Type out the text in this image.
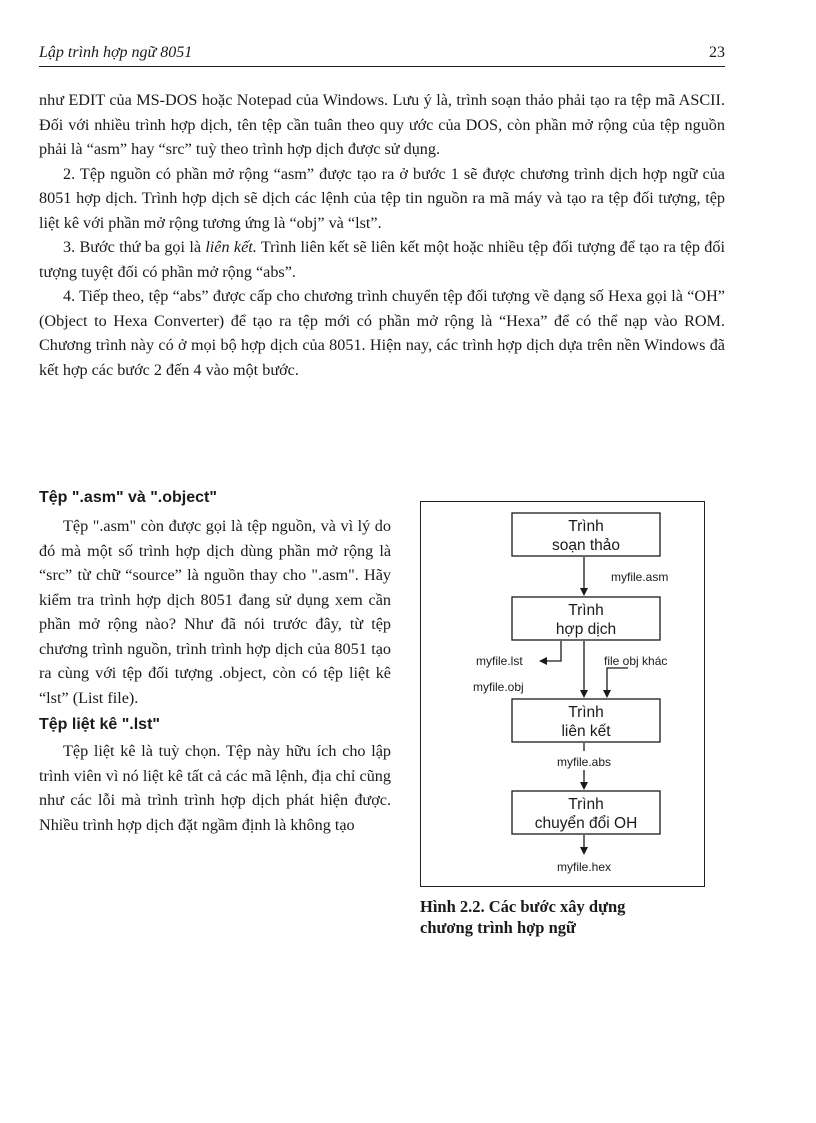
Lập trình hợp ngữ 8051	23

như EDIT của MS-DOS hoặc Notepad của Windows. Lưu ý là, trình soạn thảo phải tạo ra tệp mã ASCII. Đối với nhiều trình hợp dịch, tên tệp cần tuân theo quy ước của DOS, còn phần mở rộng của tệp nguồn phải là “asm” hay “src” tuỳ theo trình hợp dịch được sử dụng.

2. Tệp nguồn có phần mở rộng “asm” được tạo ra ở bước 1 sẽ được chương trình dịch hợp ngữ của 8051 hợp dịch. Trình hợp dịch sẽ dịch các lệnh của tệp tin nguồn ra mã máy và tạo ra tệp đối tượng, tệp liệt kê với phần mở rộng tương ứng là “obj” và “lst”.

3. Bước thứ ba gọi là liên kết. Trình liên kết sẽ liên kết một hoặc nhiều tệp đối tượng để tạo ra tệp đối tượng tuyệt đối có phần mở rộng “abs”.

4. Tiếp theo, tệp “abs” được cấp cho chương trình chuyển tệp đối tượng về dạng số Hexa gọi là “OH” (Object to Hexa Converter) để tạo ra tệp mới có phần mở rộng là “Hexa” để có thể nạp vào ROM. Chương trình này có ở mọi bộ hợp dịch của 8051. Hiện nay, các trình hợp dịch dựa trên nền Windows đã kết hợp các bước 2 đến 4 vào một bước.

Tệp ".asm" và ".object"

Tệp ".asm" còn được gọi là tệp nguồn, và vì lý do đó mà một số trình hợp dịch dùng phần mở rộng là “src” từ chữ “source” là nguồn thay cho ".asm". Hãy kiểm tra trình hợp dịch 8051 đang sử dụng xem cần phần mở rộng nào? Như đã nói trước đây, từ tệp chương trình nguồn, trình trình hợp dịch của 8051 tạo ra cùng với tệp đối tượng .object, còn có tệp liệt kê “lst” (List file).

Tệp liệt kê ".lst"

Tệp liệt kê là tuỳ chọn. Tệp này hữu ích cho lập trình viên vì nó liệt kê tất cả các mã lệnh, địa chỉ cũng như các lỗi mà trình trình hợp dịch phát hiện được. Nhiều trình hợp dịch đặt ngầm định là không tạo

Trình
soạn thảo
myfile.asm
Trình
hợp dịch
myfile.lst
myfile.obj
file obj khác
Trình
liên kết
myfile.abs
Trình
chuyển đổi OH
myfile.hex

Hình 2.2. Các bước xây dựng

chương trình hợp ngữ
